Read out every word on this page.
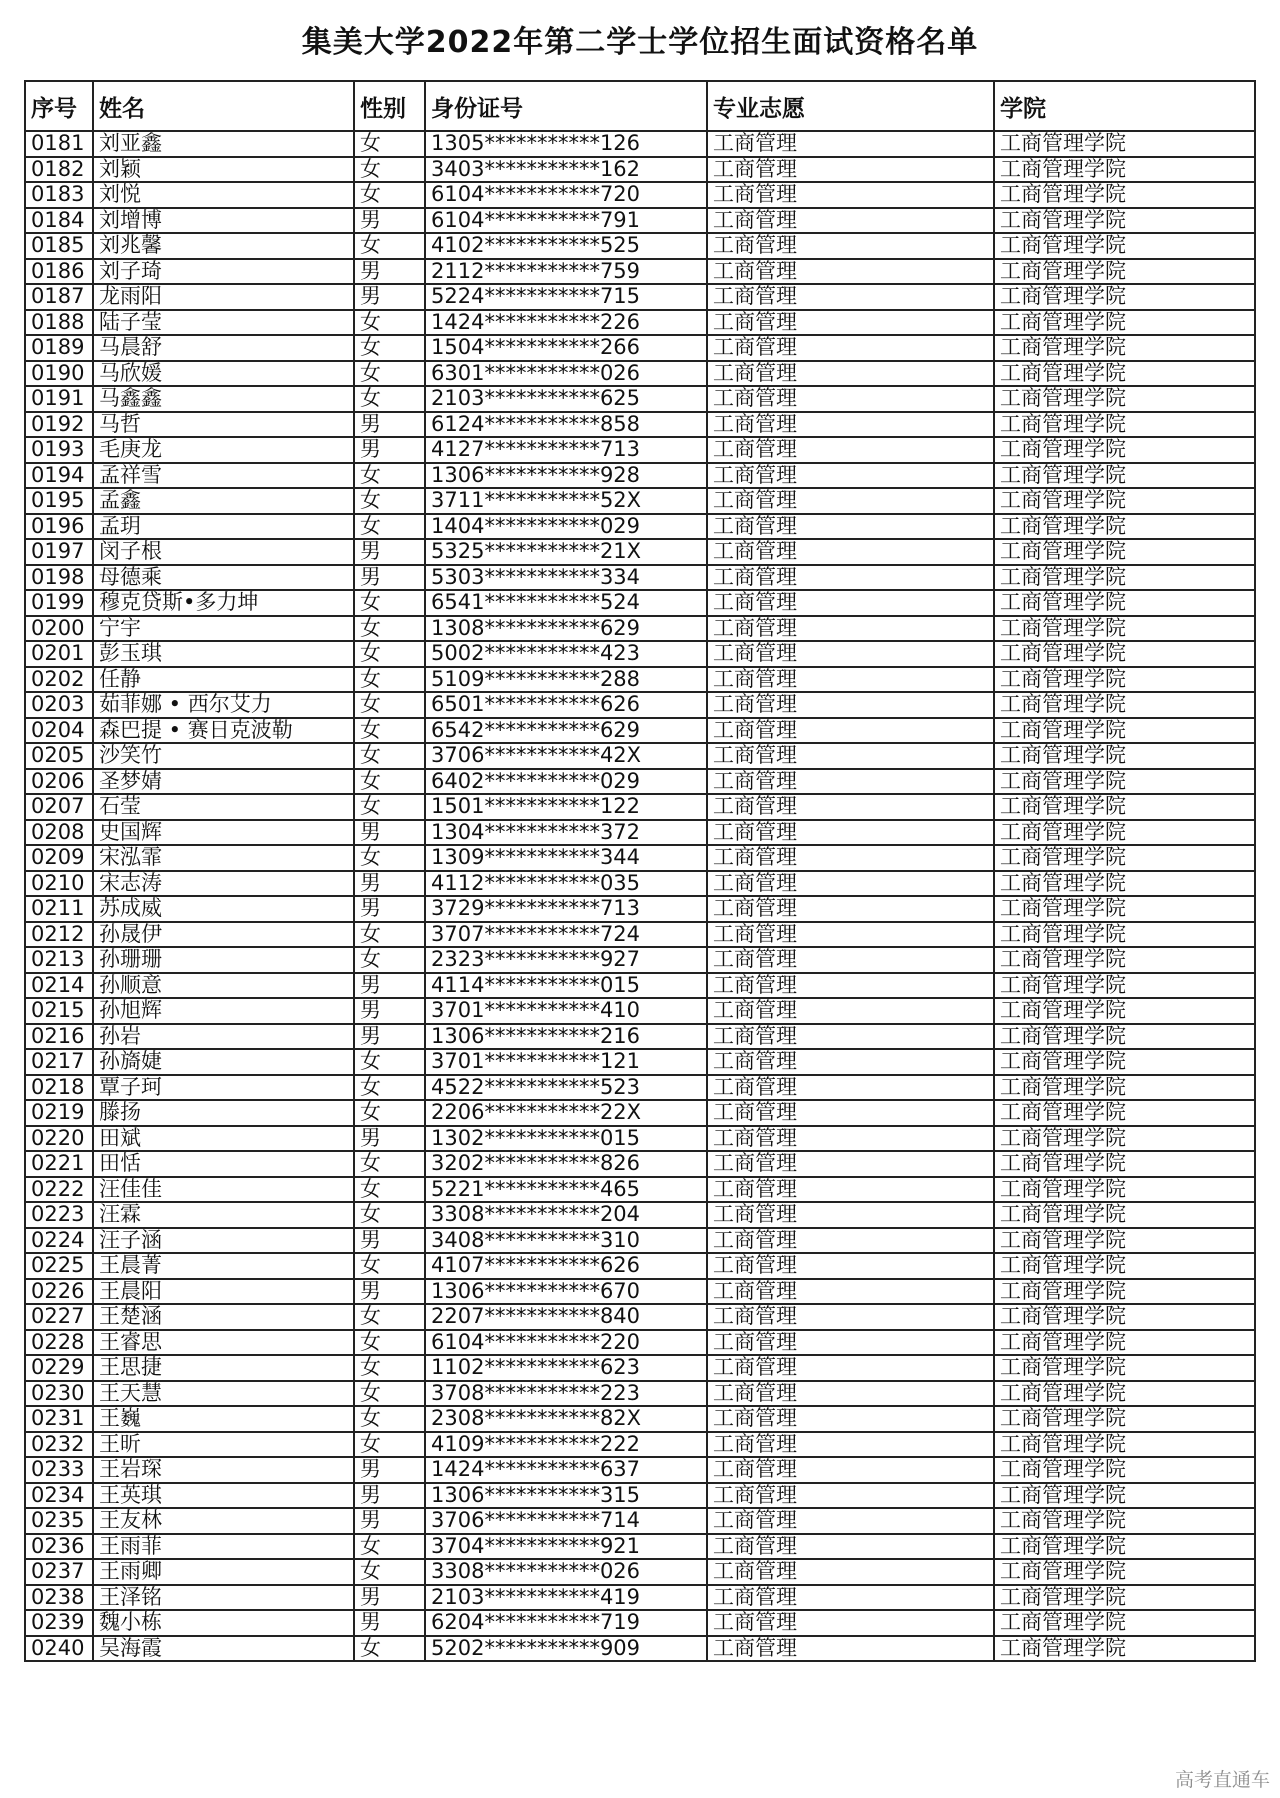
集美大学2022年第二学士学位招生面试资格名单
序号	姓名	性别	身份证号	专业志愿	学院
0181	刘亚鑫	女	1305***********126	工商管理	工商管理学院
0182	刘颖	女	3403***********162	工商管理	工商管理学院
0183	刘悦	女	6104***********720	工商管理	工商管理学院
0184	刘增博	男	6104***********791	工商管理	工商管理学院
0185	刘兆馨	女	4102***********525	工商管理	工商管理学院
0186	刘子琦	男	2112***********759	工商管理	工商管理学院
0187	龙雨阳	男	5224***********715	工商管理	工商管理学院
0188	陆子莹	女	1424***********226	工商管理	工商管理学院
0189	马晨舒	女	1504***********266	工商管理	工商管理学院
0190	马欣媛	女	6301***********026	工商管理	工商管理学院
0191	马鑫鑫	女	2103***********625	工商管理	工商管理学院
0192	马哲	男	6124***********858	工商管理	工商管理学院
0193	毛庚龙	男	4127***********713	工商管理	工商管理学院
0194	孟祥雪	女	1306***********928	工商管理	工商管理学院
0195	孟鑫	女	3711***********52X	工商管理	工商管理学院
0196	孟玥	女	1404***********029	工商管理	工商管理学院
0197	闵子根	男	5325***********21X	工商管理	工商管理学院
0198	母德乘	男	5303***********334	工商管理	工商管理学院
0199	穆克贷斯•多力坤	女	6541***********524	工商管理	工商管理学院
0200	宁宇	女	1308***********629	工商管理	工商管理学院
0201	彭玉琪	女	5002***********423	工商管理	工商管理学院
0202	任静	女	5109***********288	工商管理	工商管理学院
0203	茹菲娜 • 西尔艾力	女	6501***********626	工商管理	工商管理学院
0204	森巴提 • 赛日克波勒	女	6542***********629	工商管理	工商管理学院
0205	沙笑竹	女	3706***********42X	工商管理	工商管理学院
0206	圣梦婧	女	6402***********029	工商管理	工商管理学院
0207	石莹	女	1501***********122	工商管理	工商管理学院
0208	史国辉	男	1304***********372	工商管理	工商管理学院
0209	宋泓霏	女	1309***********344	工商管理	工商管理学院
0210	宋志涛	男	4112***********035	工商管理	工商管理学院
0211	苏成威	男	3729***********713	工商管理	工商管理学院
0212	孙晟伊	女	3707***********724	工商管理	工商管理学院
0213	孙珊珊	女	2323***********927	工商管理	工商管理学院
0214	孙顺意	男	4114***********015	工商管理	工商管理学院
0215	孙旭辉	男	3701***********410	工商管理	工商管理学院
0216	孙岩	男	1306***********216	工商管理	工商管理学院
0217	孙旖婕	女	3701***********121	工商管理	工商管理学院
0218	覃子珂	女	4522***********523	工商管理	工商管理学院
0219	滕扬	女	2206***********22X	工商管理	工商管理学院
0220	田斌	男	1302***********015	工商管理	工商管理学院
0221	田恬	女	3202***********826	工商管理	工商管理学院
0222	汪佳佳	女	5221***********465	工商管理	工商管理学院
0223	汪霖	女	3308***********204	工商管理	工商管理学院
0224	汪子涵	男	3408***********310	工商管理	工商管理学院
0225	王晨菁	女	4107***********626	工商管理	工商管理学院
0226	王晨阳	男	1306***********670	工商管理	工商管理学院
0227	王楚涵	女	2207***********840	工商管理	工商管理学院
0228	王睿思	女	6104***********220	工商管理	工商管理学院
0229	王思捷	女	1102***********623	工商管理	工商管理学院
0230	王天慧	女	3708***********223	工商管理	工商管理学院
0231	王巍	女	2308***********82X	工商管理	工商管理学院
0232	王昕	女	4109***********222	工商管理	工商管理学院
0233	王岩琛	男	1424***********637	工商管理	工商管理学院
0234	王英琪	男	1306***********315	工商管理	工商管理学院
0235	王友林	男	3706***********714	工商管理	工商管理学院
0236	王雨菲	女	3704***********921	工商管理	工商管理学院
0237	王雨卿	女	3308***********026	工商管理	工商管理学院
0238	王泽铭	男	2103***********419	工商管理	工商管理学院
0239	魏小栋	男	6204***********719	工商管理	工商管理学院
0240	吴海霞	女	5202***********909	工商管理	工商管理学院
高考直通车
